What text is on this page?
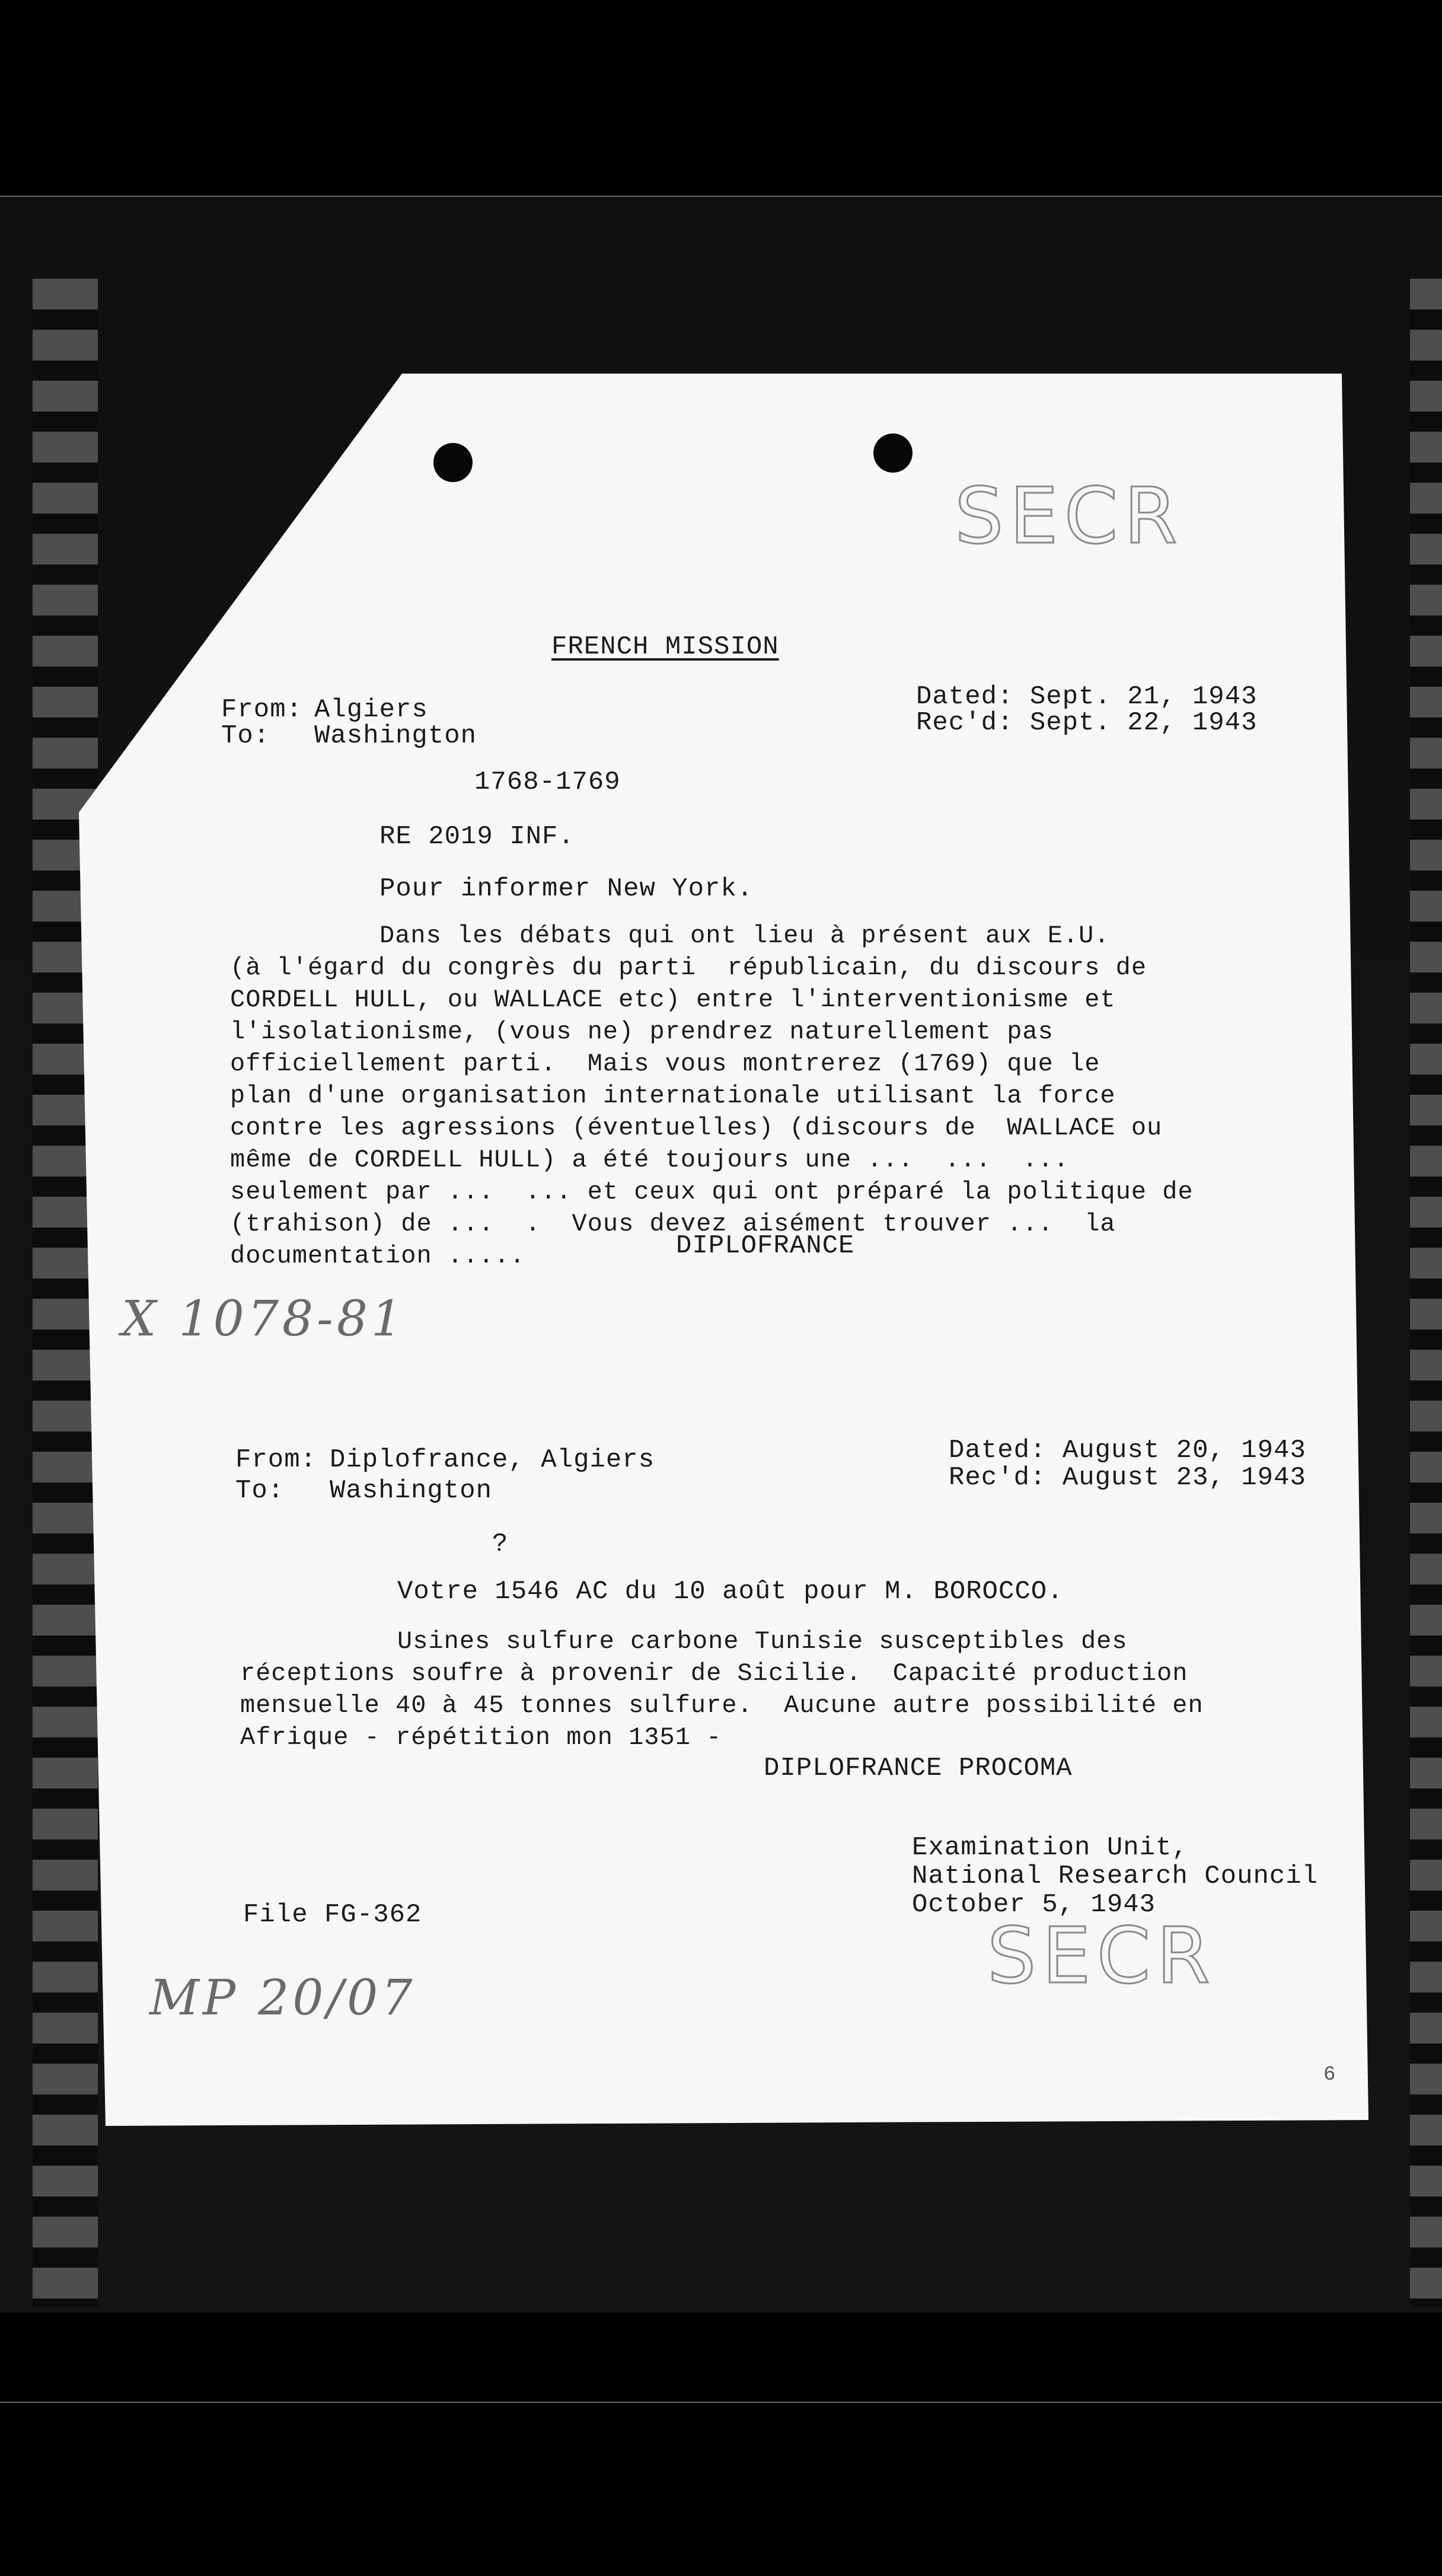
SECR
FRENCH MISSION
From: Algiers
To: Washington
Dated: Sept. 21, 1943
Rec'd: Sept. 22, 1943
1768-1769
RE 2019 INF.
Pour informer New York.
Dans les débats qui ont lieu à présent aux E.U.
(à l'égard du congrès du parti  républicain, du discours de
CORDELL HULL, ou WALLACE etc) entre l'interventionisme et
l'isolationisme, (vous ne) prendrez naturellement pas
officiellement parti.  Mais vous montrerez (1769) que le
plan d'une organisation internationale utilisant la force
contre les agressions (éventuelles) (discours de  WALLACE ou
même de CORDELL HULL) a été toujours une ...  ...  ...
seulement par ...  ... et ceux qui ont préparé la politique de
(trahison) de ...  .  Vous devez aisément trouver ...  la
documentation .....	DIPLOFRANCE
X 1078-81
From: Diplofrance, Algiers
To: Washington
Dated: August 20, 1943
Rec'd: August 23, 1943
?
Votre 1546 AC du 10 août pour M. BOROCCO.
Usines sulfure carbone Tunisie susceptibles des
réceptions soufre à provenir de Sicilie.  Capacité production
mensuelle 40 à 45 tonnes sulfure.  Aucune autre possibilité en
Afrique - répétition mon 1351 -
DIPLOFRANCE PROCOMA
Examination Unit,
National Research Council
October 5, 1943
File FG-362	SECR
MP 20/07
6
